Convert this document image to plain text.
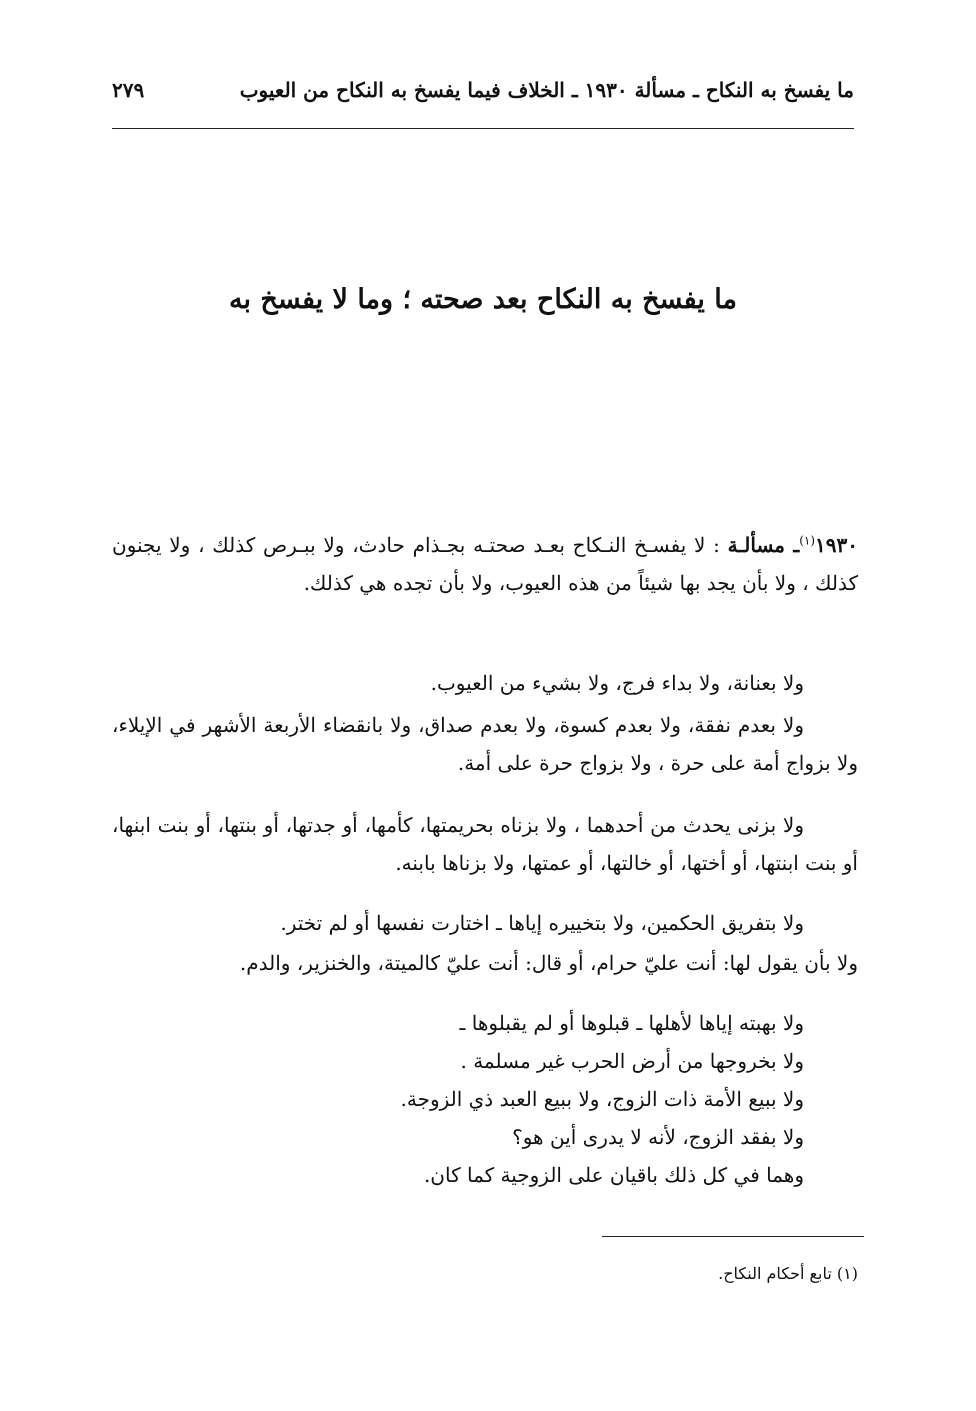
ما يفسخ به النكاح ـ مسألة ١٩٣٠ ـ الخلاف فيما يفسخ به النكاح من العيوب
٢٧٩
ما يفسخ به النكاح بعد صحته ؛ وما لا يفسخ به
١٩٣٠$^{(١)}$ـ مسألـة : لا يفسـخ النـكاح بعـد صحتـه بجـذام حادث، ولا ببـرص كذلك ، ولا يجنون كذلك ، ولا بأن يجد بها شيئاً من هذه العيوب، ولا بأن تجده هي كذلك.

ولا بعنانة، ولا بداء فرج، ولا بشيء من العيوب.

ولا بعدم نفقة، ولا بعدم كسوة، ولا بعدم صداق، ولا بانقضاء الأربعة الأشهر في الإيلاء، ولا بزواج أمة على حرة ، ولا بزواج حرة على أمة.

ولا بزنى يحدث من أحدهما ، ولا بزناه بحريمتها، كأمها، أو جدتها، أو بنتها، أو بنت ابنها، أو بنت ابنتها، أو أختها، أو خالتها، أو عمتها، ولا بزناها بابنه.

ولا بتفريق الحكمين، ولا بتخييره إياها ـ اختارت نفسها أو لم تختر.

ولا بأن يقول لها: أنت عليّ حرام، أو قال: أنت عليّ كالميتة، والخنزير، والدم.

ولا بهبته إياها لأهلها ـ قبلوها أو لم يقبلوها ـ

ولا بخروجها من أرض الحرب غير مسلمة .

ولا ببيع الأمة ذات الزوج، ولا ببيع العبد ذي الزوجة.

ولا بفقد الزوج، لأنه لا يدرى أين هو؟

وهما في كل ذلك باقيان على الزوجية كما كان.

(١) تابع أحكام النكاح.
